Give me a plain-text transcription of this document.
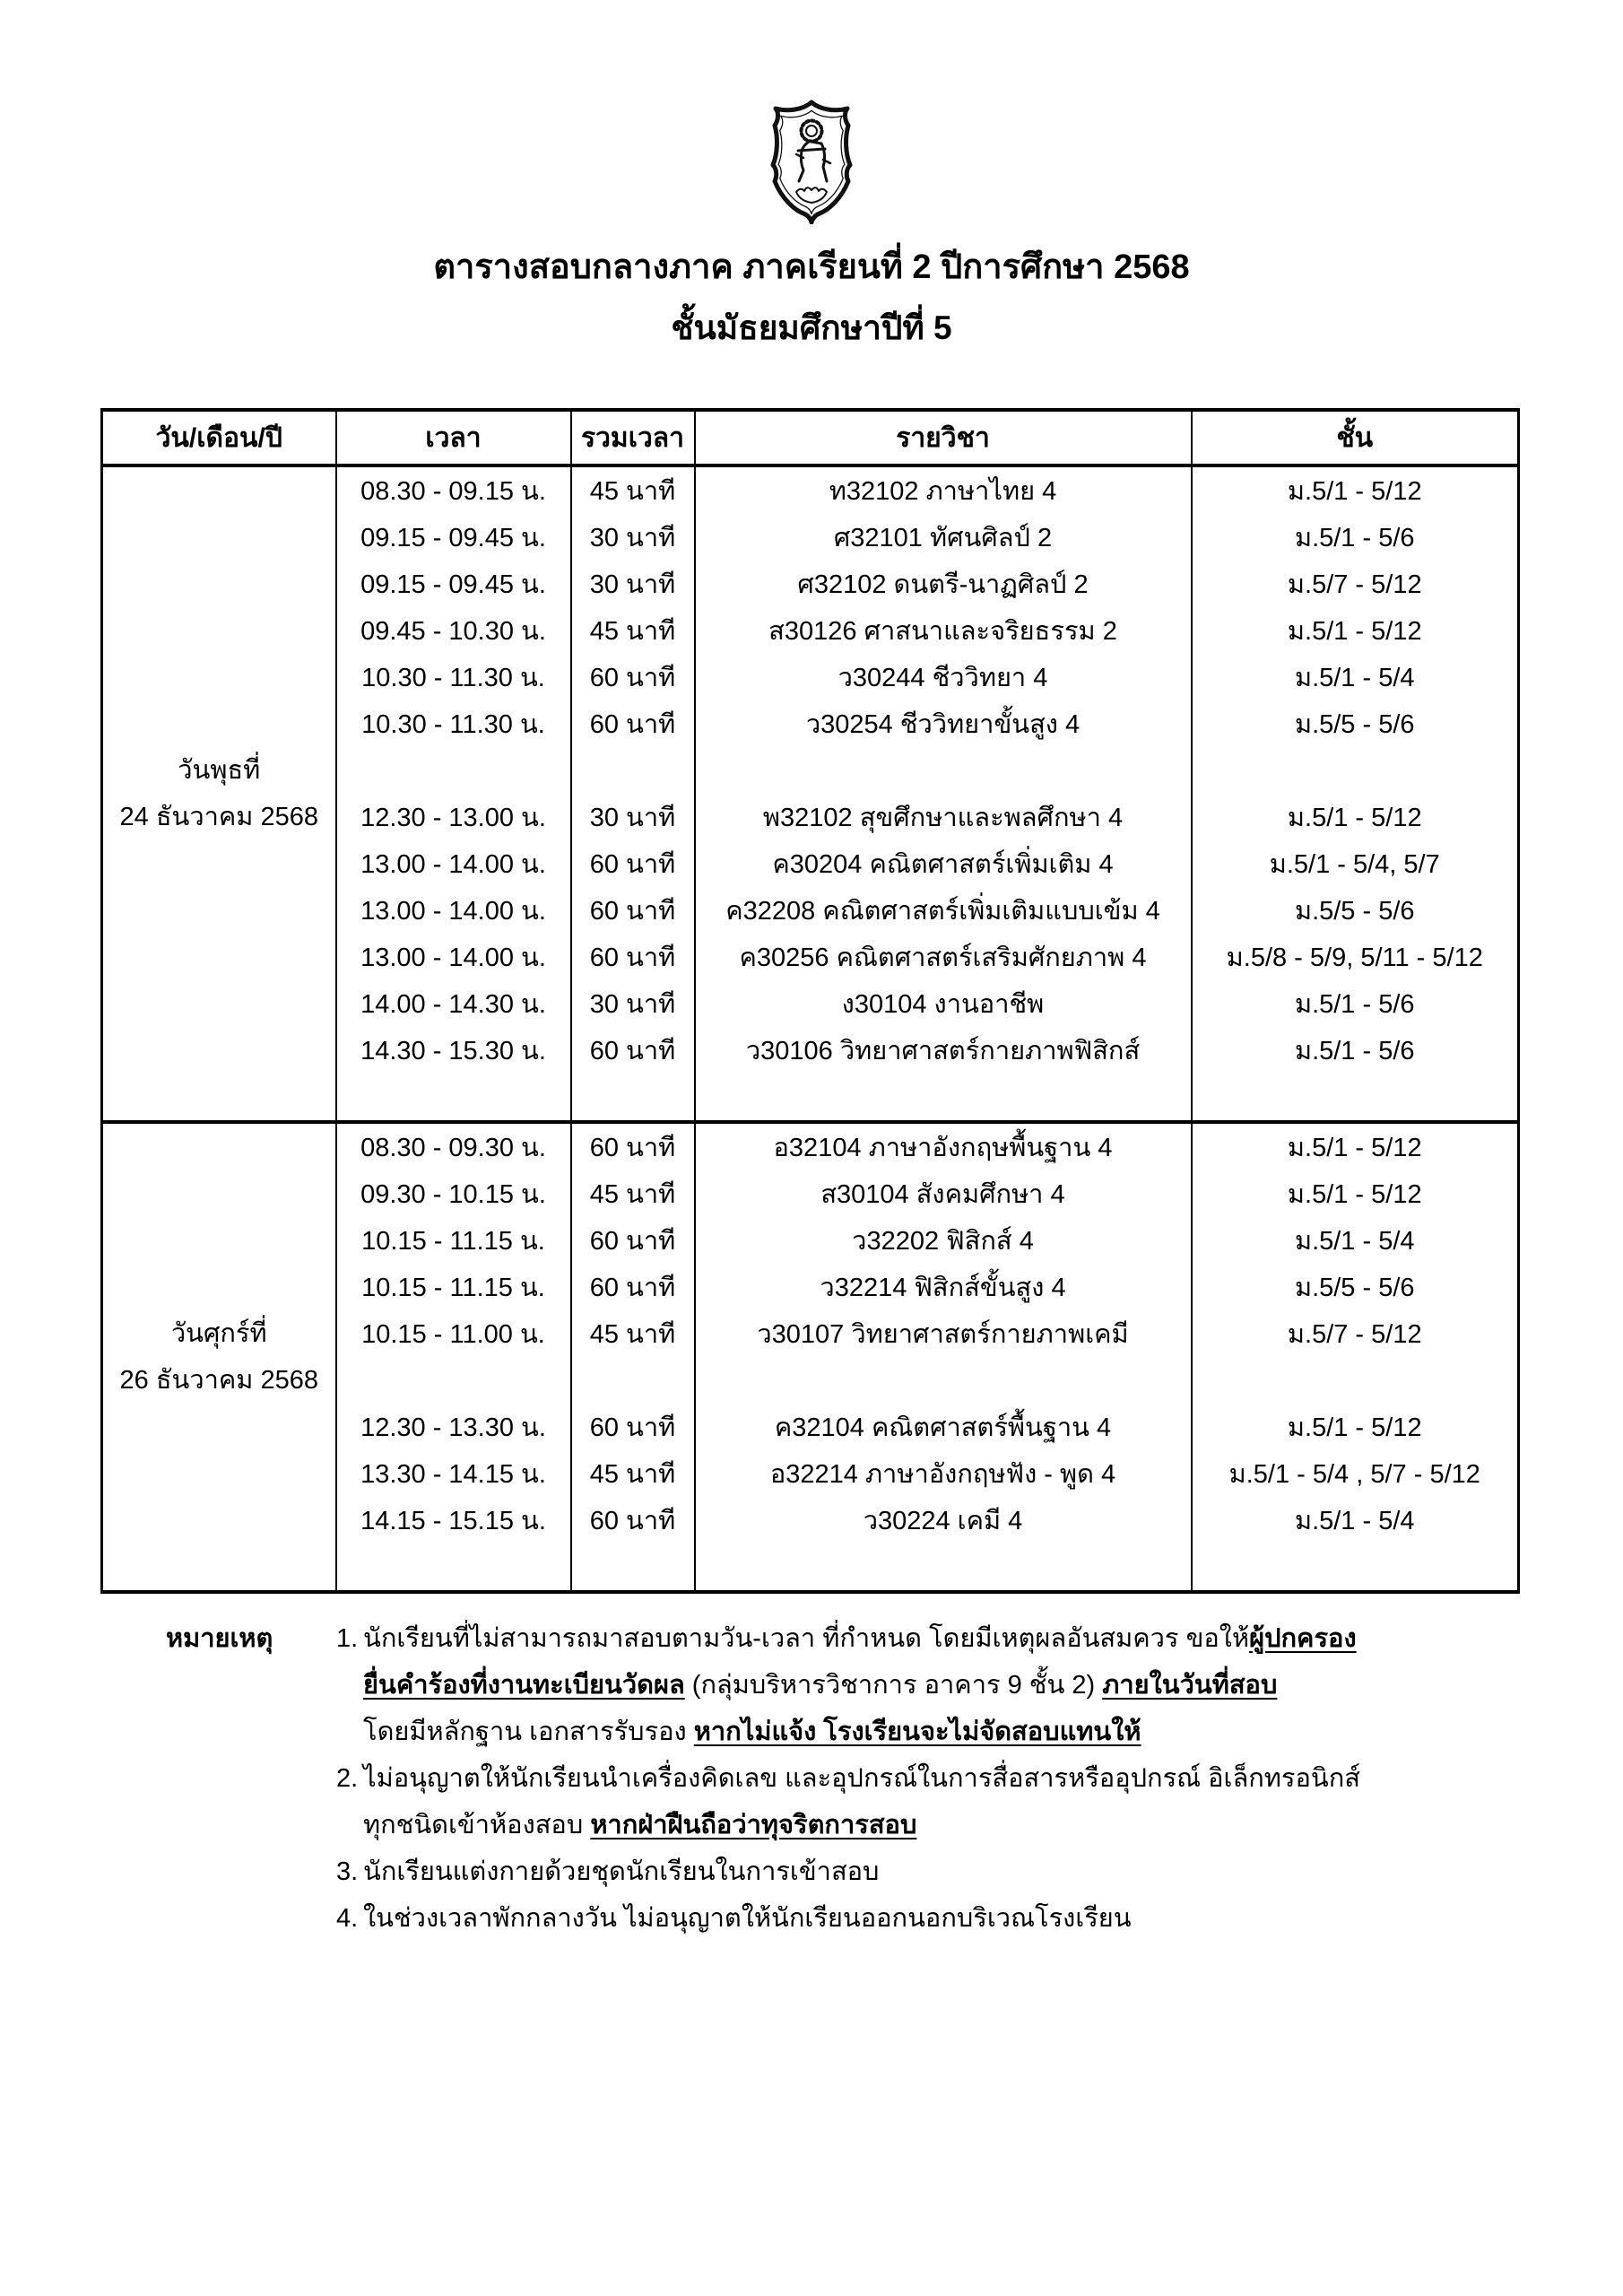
ตารางสอบกลางภาค ภาคเรียนที่ 2 ปีการศึกษา 2568
ชั้นมัธยมศึกษาปีที่ 5
วัน/เดือน/ปี	เวลา	รวมเวลา	รายวิชา	ชั้น

วันพุธที่
24 ธันวาคม 2568	08.30 - 09.15 น.	45 นาที	ท32102 ภาษาไทย 4	ม.5/1 - 5/12
	09.15 - 09.45 น.	30 นาที	ศ32101 ทัศนศิลป์ 2	ม.5/1 - 5/6
	09.15 - 09.45 น.	30 นาที	ศ32102 ดนตรี-นาฏศิลป์ 2	ม.5/7 - 5/12
	09.45 - 10.30 น.	45 นาที	ส30126 ศาสนาและจริยธรรม 2	ม.5/1 - 5/12
	10.30 - 11.30 น.	60 นาที	ว30244 ชีววิทยา 4	ม.5/1 - 5/4
	10.30 - 11.30 น.	60 นาที	ว30254 ชีววิทยาขั้นสูง 4	ม.5/5 - 5/6

	12.30 - 13.00 น.	30 นาที	พ32102 สุขศึกษาและพลศึกษา 4	ม.5/1 - 5/12
	13.00 - 14.00 น.	60 นาที	ค30204 คณิตศาสตร์เพิ่มเติม 4	ม.5/1 - 5/4, 5/7
	13.00 - 14.00 น.	60 นาที	ค32208 คณิตศาสตร์เพิ่มเติมแบบเข้ม 4	ม.5/5 - 5/6
	13.00 - 14.00 น.	60 นาที	ค30256 คณิตศาสตร์เสริมศักยภาพ 4	ม.5/8 - 5/9, 5/11 - 5/12
	14.00 - 14.30 น.	30 นาที	ง30104 งานอาชีพ	ม.5/1 - 5/6
	14.30 - 15.30 น.	60 นาที	ว30106 วิทยาศาสตร์กายภาพฟิสิกส์	ม.5/1 - 5/6

วันศุกร์ที่
26 ธันวาคม 2568	08.30 - 09.30 น.	60 นาที	อ32104 ภาษาอังกฤษพื้นฐาน 4	ม.5/1 - 5/12
	09.30 - 10.15 น.	45 นาที	ส30104 สังคมศึกษา 4	ม.5/1 - 5/12
	10.15 - 11.15 น.	60 นาที	ว32202 ฟิสิกส์ 4	ม.5/1 - 5/4
	10.15 - 11.15 น.	60 นาที	ว32214 ฟิสิกส์ขั้นสูง 4	ม.5/5 - 5/6
	10.15 - 11.00 น.	45 นาที	ว30107 วิทยาศาสตร์กายภาพเคมี	ม.5/7 - 5/12

	12.30 - 13.30 น.	60 นาที	ค32104 คณิตศาสตร์พื้นฐาน 4	ม.5/1 - 5/12
	13.30 - 14.15 น.	45 นาที	อ32214 ภาษาอังกฤษฟัง - พูด 4	ม.5/1 - 5/4 , 5/7 - 5/12
	14.15 - 15.15 น.	60 นาที	ว30224 เคมี 4	ม.5/1 - 5/4

หมายเหตุ 1. นักเรียนที่ไม่สามารถมาสอบตามวัน-เวลา ที่กำหนด โดยมีเหตุผลอันสมควร ขอให้ผู้ปกครอง
ยื่นคำร้องที่งานทะเบียนวัดผล (กลุ่มบริหารวิชาการ อาคาร 9 ชั้น 2) ภายในวันที่สอบ
โดยมีหลักฐาน เอกสารรับรอง หากไม่แจ้ง โรงเรียนจะไม่จัดสอบแทนให้
2. ไม่อนุญาตให้นักเรียนนำเครื่องคิดเลข และอุปกรณ์ในการสื่อสารหรืออุปกรณ์ อิเล็กทรอนิกส์
ทุกชนิดเข้าห้องสอบ หากฝ่าฝืนถือว่าทุจริตการสอบ
3. นักเรียนแต่งกายด้วยชุดนักเรียนในการเข้าสอบ
4. ในช่วงเวลาพักกลางวัน ไม่อนุญาตให้นักเรียนออกนอกบริเวณโรงเรียน
